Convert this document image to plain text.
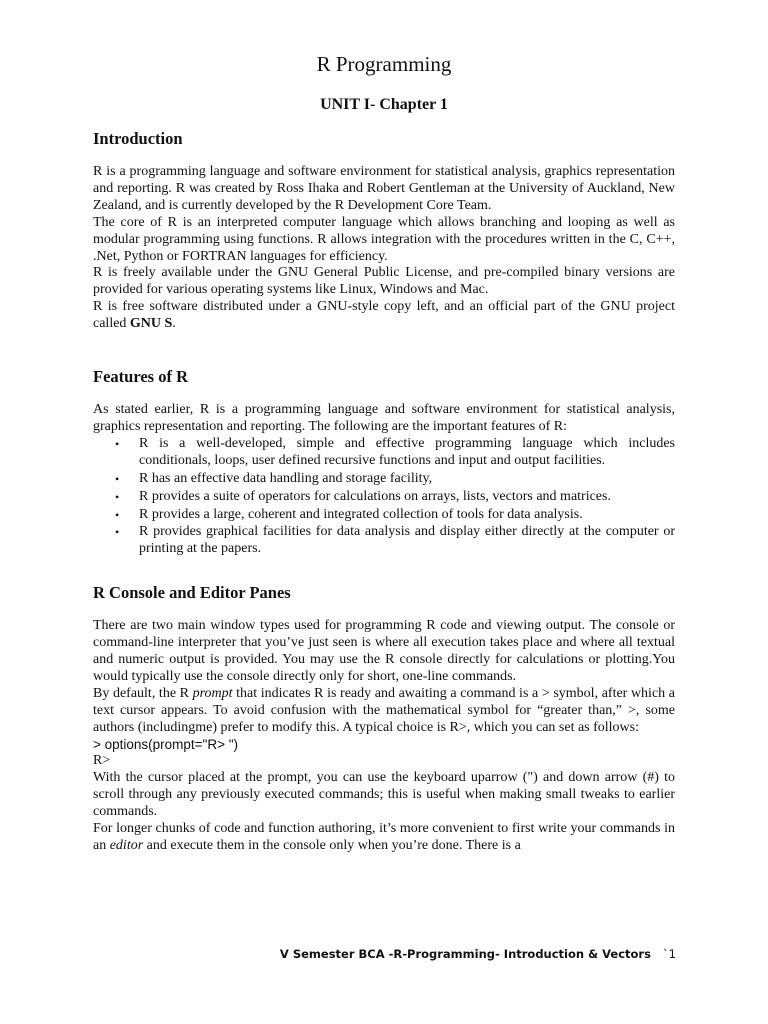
R Programming
UNIT I- Chapter 1
Introduction

R is a programming language and software environment for statistical analysis, graphics representation and reporting. R was created by Ross Ihaka and Robert Gentleman at the University of Auckland, New Zealand, and is currently developed by the R Development Core Team.

The core of R is an interpreted computer language which allows branching and looping as well as modular programming using functions. R allows integration with the procedures written in the C, C++, .Net, Python or FORTRAN languages for efficiency.

R is freely available under the GNU General Public License, and pre-compiled binary versions are provided for various operating systems like Linux, Windows and Mac.

R is free software distributed under a GNU-style copy left, and an official part of the GNU project called GNU S.

Features of R

As stated earlier, R is a programming language and software environment for statistical analysis, graphics representation and reporting. The following are the important features of R:

• R is a well-developed, simple and effective programming language which includes conditionals, loops, user defined recursive functions and input and output facilities.
• R has an effective data handling and storage facility,
• R provides a suite of operators for calculations on arrays, lists, vectors and matrices.
• R provides a large, coherent and integrated collection of tools for data analysis.
• R provides graphical facilities for data analysis and display either directly at the computer or printing at the papers.
R Console and Editor Panes

There are two main window types used for programming R code and viewing output. The console or command-line interpreter that you’ve just seen is where all execution takes place and where all textual and numeric output is provided. You may use the R console directly for calculations or plotting.You would typically use the console directly only for short, one-line commands.

By default, the R prompt that indicates R is ready and awaiting a command is a > symbol, after which a text cursor appears. To avoid confusion with the mathematical symbol for “greater than,” >, some authors (includingme) prefer to modify this. A typical choice is R>, which you can set as follows:

> options(prompt="R> ")

R>

With the cursor placed at the prompt, you can use the keyboard uparrow (") and down arrow (#) to scroll through any previously executed commands; this is useful when making small tweaks to earlier commands.

For longer chunks of code and function authoring, it’s more convenient to first write your commands in an editor and execute them in the console only when you’re done. There is a

V Semester BCA -R-Programming- Introduction & Vectors `1
